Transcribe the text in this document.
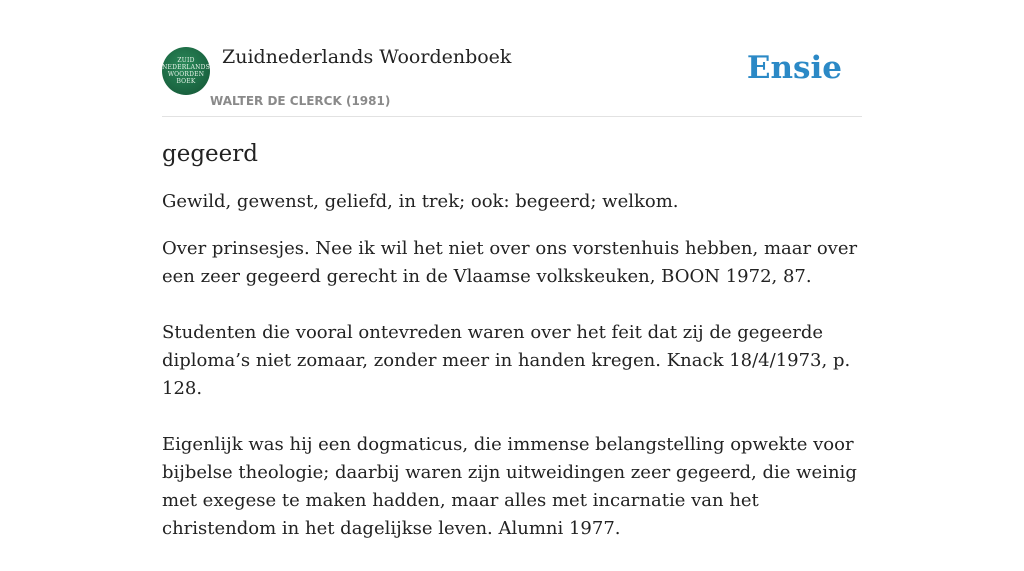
ZUID
NEDERLANDS
WOORDEN
BOEK
Zuidnederlands Woordenboek
WALTER DE CLERCK (1981)
Ensie
gegeerd

Gewild, gewenst, geliefd, in trek; ook: begeerd; welkom.

Over prinsesjes. Nee ik wil het niet over ons vorstenhuis hebben, maar over een zeer gegeerd gerecht in de Vlaamse volkskeuken, BOON 1972, 87.

Studenten die vooral ontevreden waren over het feit dat zij de gegeerde diploma’s niet zomaar, zonder meer in handen kregen. Knack 18/4/1973, p. 128.

Eigenlijk was hij een dogmaticus, die immense belangstelling opwekte voor bijbelse theologie; daarbij waren zijn uitweidingen zeer gegeerd, die weinig met exegese te maken hadden, maar alles met incarnatie van het christendom in het dagelijkse leven. Alumni 1977.
